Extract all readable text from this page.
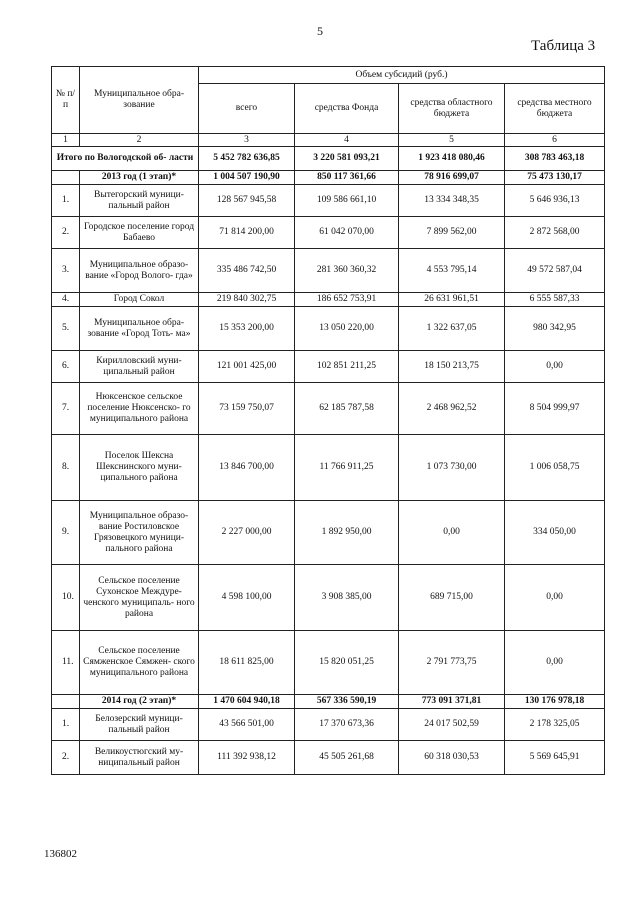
5
Таблица 3
№ п/п	Муниципальное обра- зование	Объем субсидий (руб.)			
		всего	средства Фонда	средства областного бюджета	средства местного бюджета
1	2	3	4	5	6
Итого по Вологодской об- ласти		5 452 782 636,85	3 220 581 093,21	1 923 418 080,46	308 783 463,18
	2013 год (1 этап)*	1 004 507 190,90	850 117 361,66	78 916 699,07	75 473 130,17
1.	Вытегорский муници- пальный район	128 567 945,58	109 586 661,10	13 334 348,35	5 646 936,13
2.	Городское поселение город Бабаево	71 814 200,00	61 042 070,00	7 899 562,00	2 872 568,00
3.	Муниципальное образо- вание «Город Волого- гда»	335 486 742,50	281 360 360,32	4 553 795,14	49 572 587,04
4.	Город Сокол	219 840 302,75	186 652 753,91	26 631 961,51	6 555 587,33
5.	Муниципальное обра- зование «Город Тоть- ма»	15 353 200,00	13 050 220,00	1 322 637,05	980 342,95
6.	Кирилловский муни- ципальный район	121 001 425,00	102 851 211,25	18 150 213,75	0,00
7.	Нюксенское сельское поселение Нюксенско- го муниципального района	73 159 750,07	62 185 787,58	2 468 962,52	8 504 999,97
8.	Поселок Шексна Шекснинского муни- ципального района	13 846 700,00	11 766 911,25	1 073 730,00	1 006 058,75
9.	Муниципальное образо- вание Ростиловское Грязовецкого муници- пального района	2 227 000,00	1 892 950,00	0,00	334 050,00
10.	Сельское поселение Сухонское Междуре- ченского муниципаль- ного района	4 598 100,00	3 908 385,00	689 715,00	0,00
11.	Сельское поселение Сямженское Сямжен- ского муниципального района	18 611 825,00	15 820 051,25	2 791 773,75	0,00
	2014 год (2 этап)*	1 470 604 940,18	567 336 590,19	773 091 371,81	130 176 978,18
1.	Белозерский муници- пальный район	43 566 501,00	17 370 673,36	24 017 502,59	2 178 325,05
2.	Великоустюгский му- ниципальный район	111 392 938,12	45 505 261,68	60 318 030,53	5 569 645,91
136802
